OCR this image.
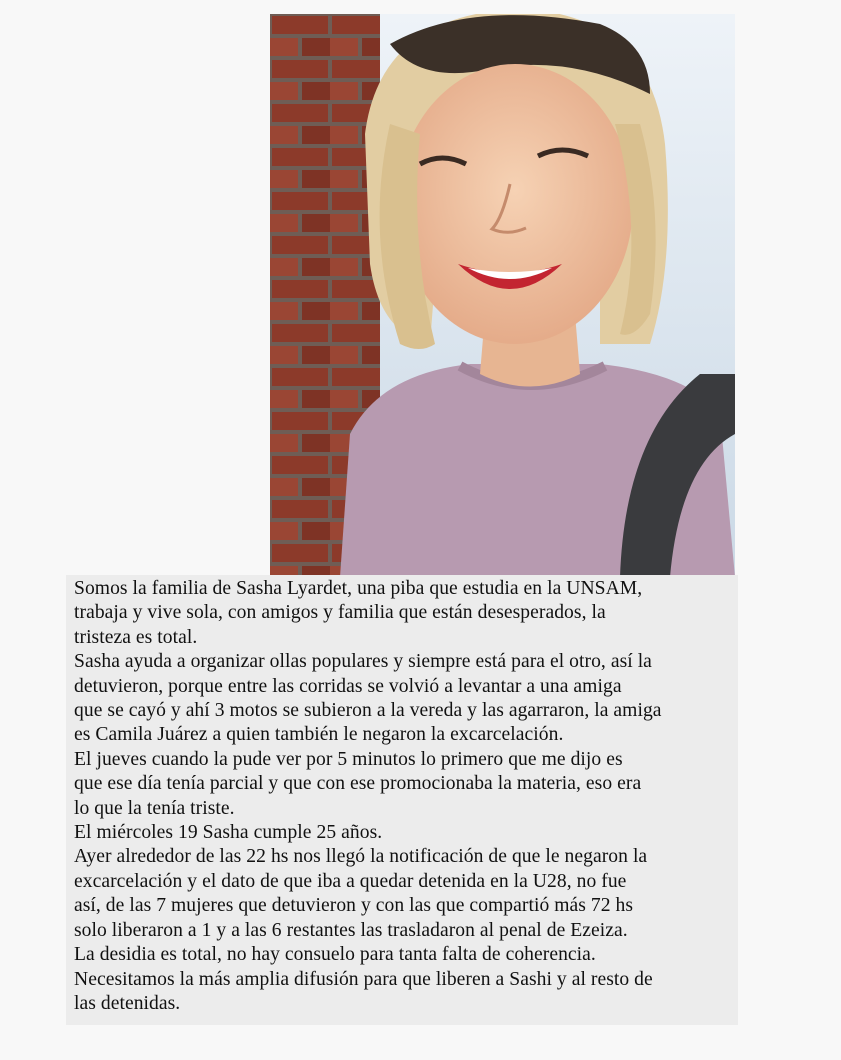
Somos la familia de Sasha Lyardet, una piba que estudia en la UNSAM,
trabaja y vive sola, con amigos y familia que están desesperados, la
tristeza es total.
Sasha ayuda a organizar ollas populares y siempre está para el otro, así la
detuvieron, porque entre las corridas se volvió a levantar a una amiga
que se cayó y ahí 3 motos se subieron a la vereda y las agarraron, la amiga
es Camila Juárez a quien también le negaron la excarcelación.
El jueves cuando la pude ver por 5 minutos lo primero que me dijo es
que ese día tenía parcial y que con ese promocionaba la materia, eso era
lo que la tenía triste.
El miércoles 19 Sasha cumple 25 años.
Ayer alrededor de las 22 hs nos llegó la notificación de que le negaron la
excarcelación y el dato de que iba a quedar detenida en la U28, no fue
así, de las 7 mujeres que detuvieron y con las que compartió más 72 hs
solo liberaron a 1 y a las 6 restantes las trasladaron al penal de Ezeiza.
La desidia es total, no hay consuelo para tanta falta de coherencia.
Necesitamos la más amplia difusión para que liberen a Sashi y al resto de
las detenidas.
